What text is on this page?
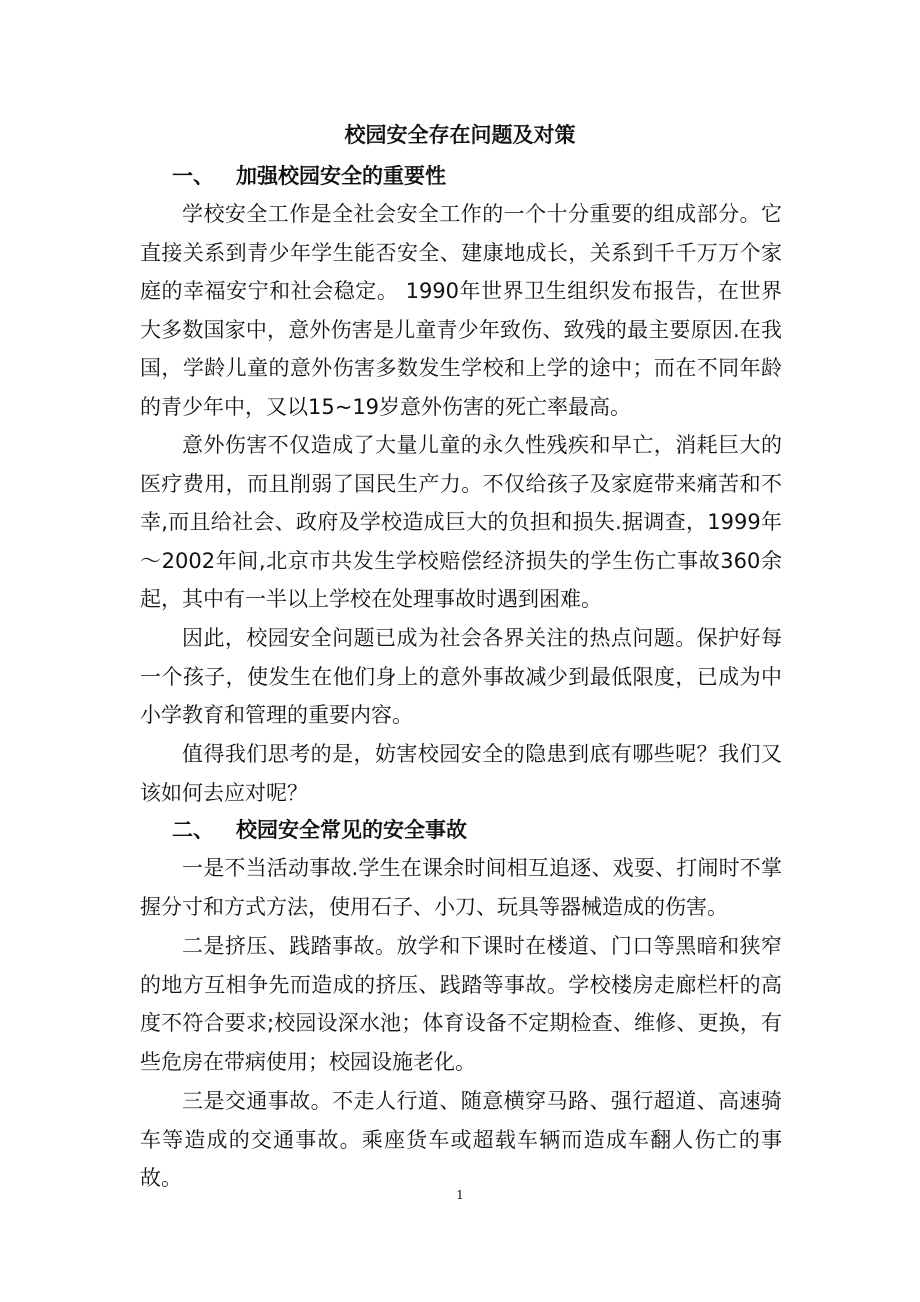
校园安全存在问题及对策
一、 加强校园安全的重要性

学校安全工作是全社会安全工作的一个十分重要的组成部分。它直接关系到青少年学生能否安全、建康地成长，关系到千千万万个家庭的幸福安宁和社会稳定。 1990年世界卫生组织发布报告，在世界大多数国家中，意外伤害是儿童青少年致伤、致残的最主要原因.在我国，学龄儿童的意外伤害多数发生学校和上学的途中；而在不同年龄的青少年中，又以15~19岁意外伤害的死亡率最高。

意外伤害不仅造成了大量儿童的永久性残疾和早亡，消耗巨大的医疗费用，而且削弱了国民生产力。不仅给孩子及家庭带来痛苦和不幸,而且给社会、政府及学校造成巨大的负担和损失.据调查，1999年～2002年间,北京市共发生学校赔偿经济损失的学生伤亡事故360余起，其中有一半以上学校在处理事故时遇到困难。

因此，校园安全问题已成为社会各界关注的热点问题。保护好每一个孩子，使发生在他们身上的意外事故减少到最低限度，已成为中小学教育和管理的重要内容。

值得我们思考的是，妨害校园安全的隐患到底有哪些呢？我们又该如何去应对呢？

二、 校园安全常见的安全事故

一是不当活动事故.学生在课余时间相互追逐、戏耍、打闹时不掌握分寸和方式方法，使用石子、小刀、玩具等器械造成的伤害。

二是挤压、践踏事故。放学和下课时在楼道、门口等黑暗和狭窄的地方互相争先而造成的挤压、践踏等事故。学校楼房走廊栏杆的高度不符合要求;校园设深水池；体育设备不定期检查、维修、更换，有些危房在带病使用；校园设施老化。

三是交通事故。不走人行道、随意横穿马路、强行超道、高速骑车等造成的交通事故。乘座货车或超载车辆而造成车翻人伤亡的事故。

1
